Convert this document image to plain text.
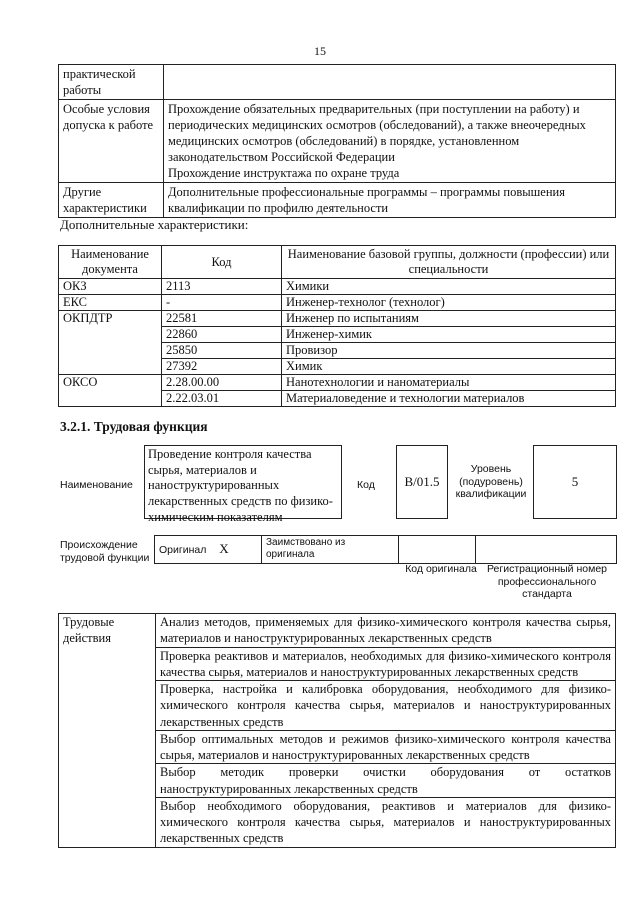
15
практической работы	
Особые условия допуска к работе	Прохождение обязательных предварительных (при поступлении на работу) и периодических медицинских осмотров (обследований), а также внеочередных медицинских осмотров (обследований) в порядке, установленном законодательством Российской Федерации
Прохождение инструктажа по охране труда

Другие характеристики	Дополнительные профессиональные программы – программы повышения квалификации по профилю деятельности
Дополнительные характеристики:
Наименование документа	Код	Наименование базовой группы, должности (профессии) или специальности
ОКЗ	2113	Химики
ЕКС	-	Инженер-технолог (технолог)
ОКПДТР	22581	Инженер по испытаниям
	22860	Инженер-химик
	25850	Провизор
	27392	Химик
ОКСО	2.28.00.00	Нанотехнологии и наноматериалы
	2.22.03.01	Материаловедение и технологии материалов
3.2.1. Трудовая функция
Наименование
Проведение контроля качества сырья, материалов и наноструктурированных лекарственных средств по физико-химическим показателям
Код	B/01.5
Уровень (подуровень) квалификации
5
Происхождение трудовой функции
Оригинал X	Заимствовано из оригинала		
Код оригинала Регистрационный номер профессионального стандарта
Трудовые действия	Анализ методов, применяемых для физико-химического контроля качества сырья, материалов и наноструктурированных лекарственных средств
Проверка реактивов и материалов, необходимых для физико-химического контроля качества сырья, материалов и наноструктурированных лекарственных средств
Проверка, настройка и калибровка оборудования, необходимого для физико-химического контроля качества сырья, материалов и наноструктурированных лекарственных средств
Выбор оптимальных методов и режимов физико-химического контроля качества сырья, материалов и наноструктурированных лекарственных средств
Выбор методик проверки очистки оборудования от остатков наноструктурированных лекарственных средств
Выбор необходимого оборудования, реактивов и материалов для физико-химического контроля качества сырья, материалов и наноструктурированных лекарственных средств
